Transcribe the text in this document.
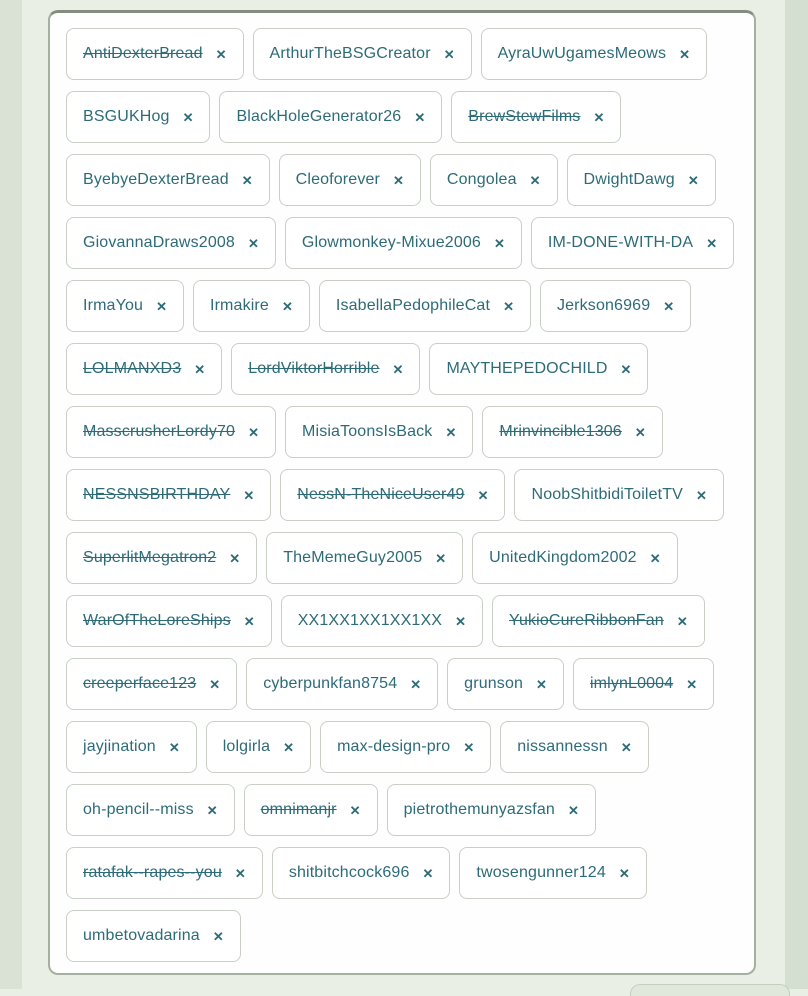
AntiDexterBread ✕	ArthurTheBSGCreator ✕	AyraUwUgamesMeows ✕
BSGUKHog ✕	BlackHoleGenerator26 ✕	BrewStewFilms ✕
ByebyeDexterBread ✕	Cleoforever ✕	Congolea ✕	DwightDawg ✕
GiovannaDraws2008 ✕	Glowmonkey-Mixue2006 ✕	IM-DONE-WITH-DA ✕
IrmaYou ✕	Irmakire ✕	IsabellaPedophileCat ✕	Jerkson6969 ✕
LOLMANXD3 ✕	LordViktorHorrible ✕	MAYTHEPEDOCHILD ✕
MasscrusherLordy70 ✕	MisiaToonsIsBack ✕	Mrinvincible1306 ✕
NESSNSBIRTHDAY ✕	NessN-TheNiceUser49 ✕	NoobShitbidiToiletTV ✕
SuperlitMegatron2 ✕	TheMemeGuy2005 ✕	UnitedKingdom2002 ✕
WarOfTheLoreShips ✕	XX1XX1XX1XX1XX ✕	YukioCureRibbonFan ✕
creeperface123 ✕	cyberpunkfan8754 ✕	grunson ✕	imlynL0004 ✕
jayjination ✕	lolgirla ✕	max-design-pro ✕	nissannessn ✕
oh-pencil--miss ✕	omnimanjr ✕	pietrothemunyazsfan ✕
ratafak--rapes--you ✕	shitbitchcock696 ✕	twosengunner124 ✕
umbetovadarina ✕
